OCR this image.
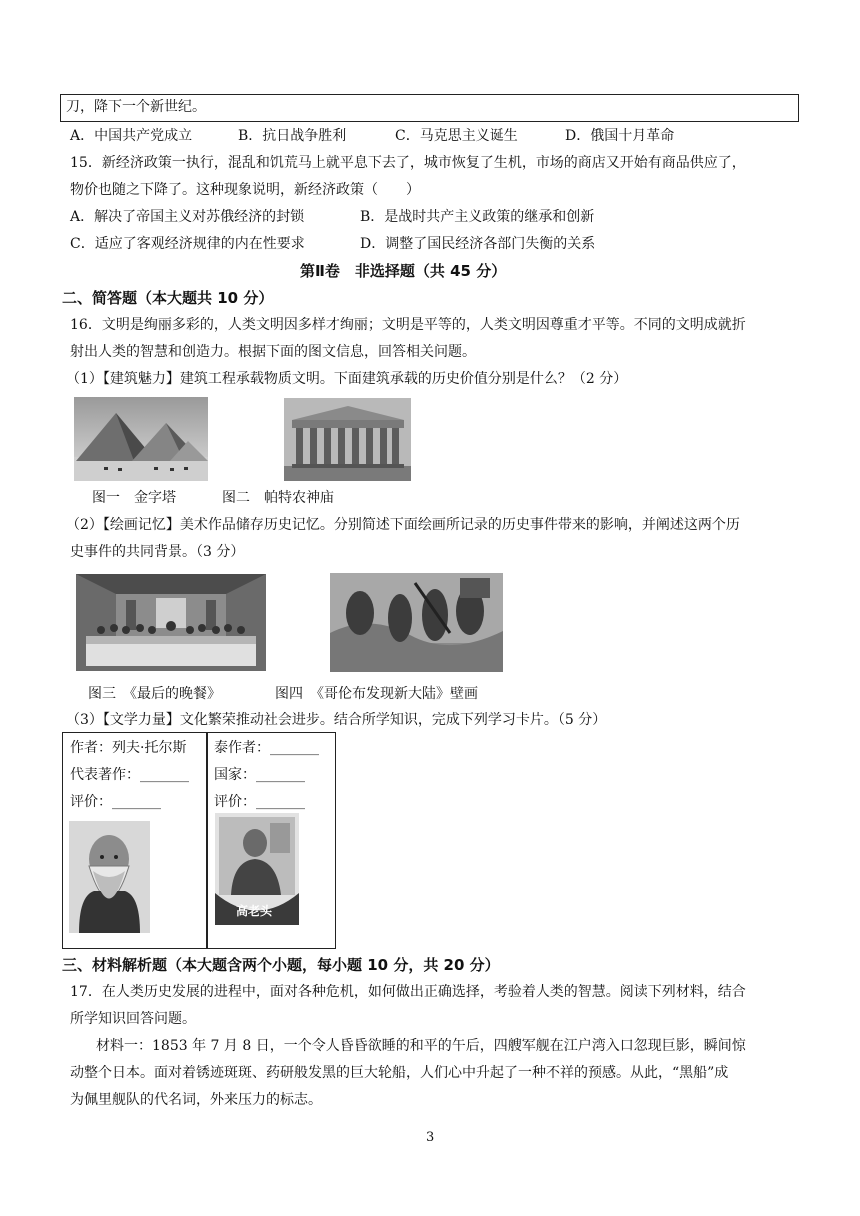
刀，降下一个新世纪。
A．中国共产党成立	B．抗日战争胜利	C．马克思主义诞生	D．俄国十月革命
15．新经济政策一执行，混乱和饥荒马上就平息下去了，城市恢复了生机，市场的商店又开始有商品供应了，
物价也随之下降了。这种现象说明，新经济政策（　　）
A．解决了帝国主义对苏俄经济的封锁	B．是战时共产主义政策的继承和创新
C．适应了客观经济规律的内在性要求	D．调整了国民经济各部门失衡的关系
第Ⅱ卷　非选择题（共 45 分）
二、简答题（本大题共 10 分）
16．文明是绚丽多彩的，人类文明因多样才绚丽；文明是平等的，人类文明因尊重才平等。不同的文明成就折
射出人类的智慧和创造力。根据下面的图文信息，回答相关问题。
（1）【建筑魅力】建筑工程承载物质文明。下面建筑承载的历史价值分别是什么？（2 分）
图一　金字塔	图二　帕特农神庙
（2）【绘画记忆】美术作品储存历史记忆。分别简述下面绘画所记录的历史事件带来的影响，并阐述这两个历
史事件的共同背景。（3 分）
图三　《最后的晚餐》	图四　《哥伦布发现新大陆》壁画
（3）【文学力量】文化繁荣推动社会进步。结合所学知识，完成下列学习卡片。（5 分）
作者：列夫·托尔斯
代表著作：_______
评价：_______
泰作者：_______
国家：_______
评价：_______
高老头
三、材料解析题（本大题含两个小题，每小题 10 分，共 20 分）
17．在人类历史发展的进程中，面对各种危机，如何做出正确选择，考验着人类的智慧。阅读下列材料，结合
所学知识回答问题。
材料一：1853 年 7 月 8 日，一个令人昏昏欲睡的和平的午后，四艘军舰在江户湾入口忽现巨影，瞬间惊
动整个日本。面对着锈迹斑斑、药研般发黑的巨大轮船，人们心中升起了一种不祥的预感。从此，“黑船”成
为佩里舰队的代名词，外来压力的标志。
3
